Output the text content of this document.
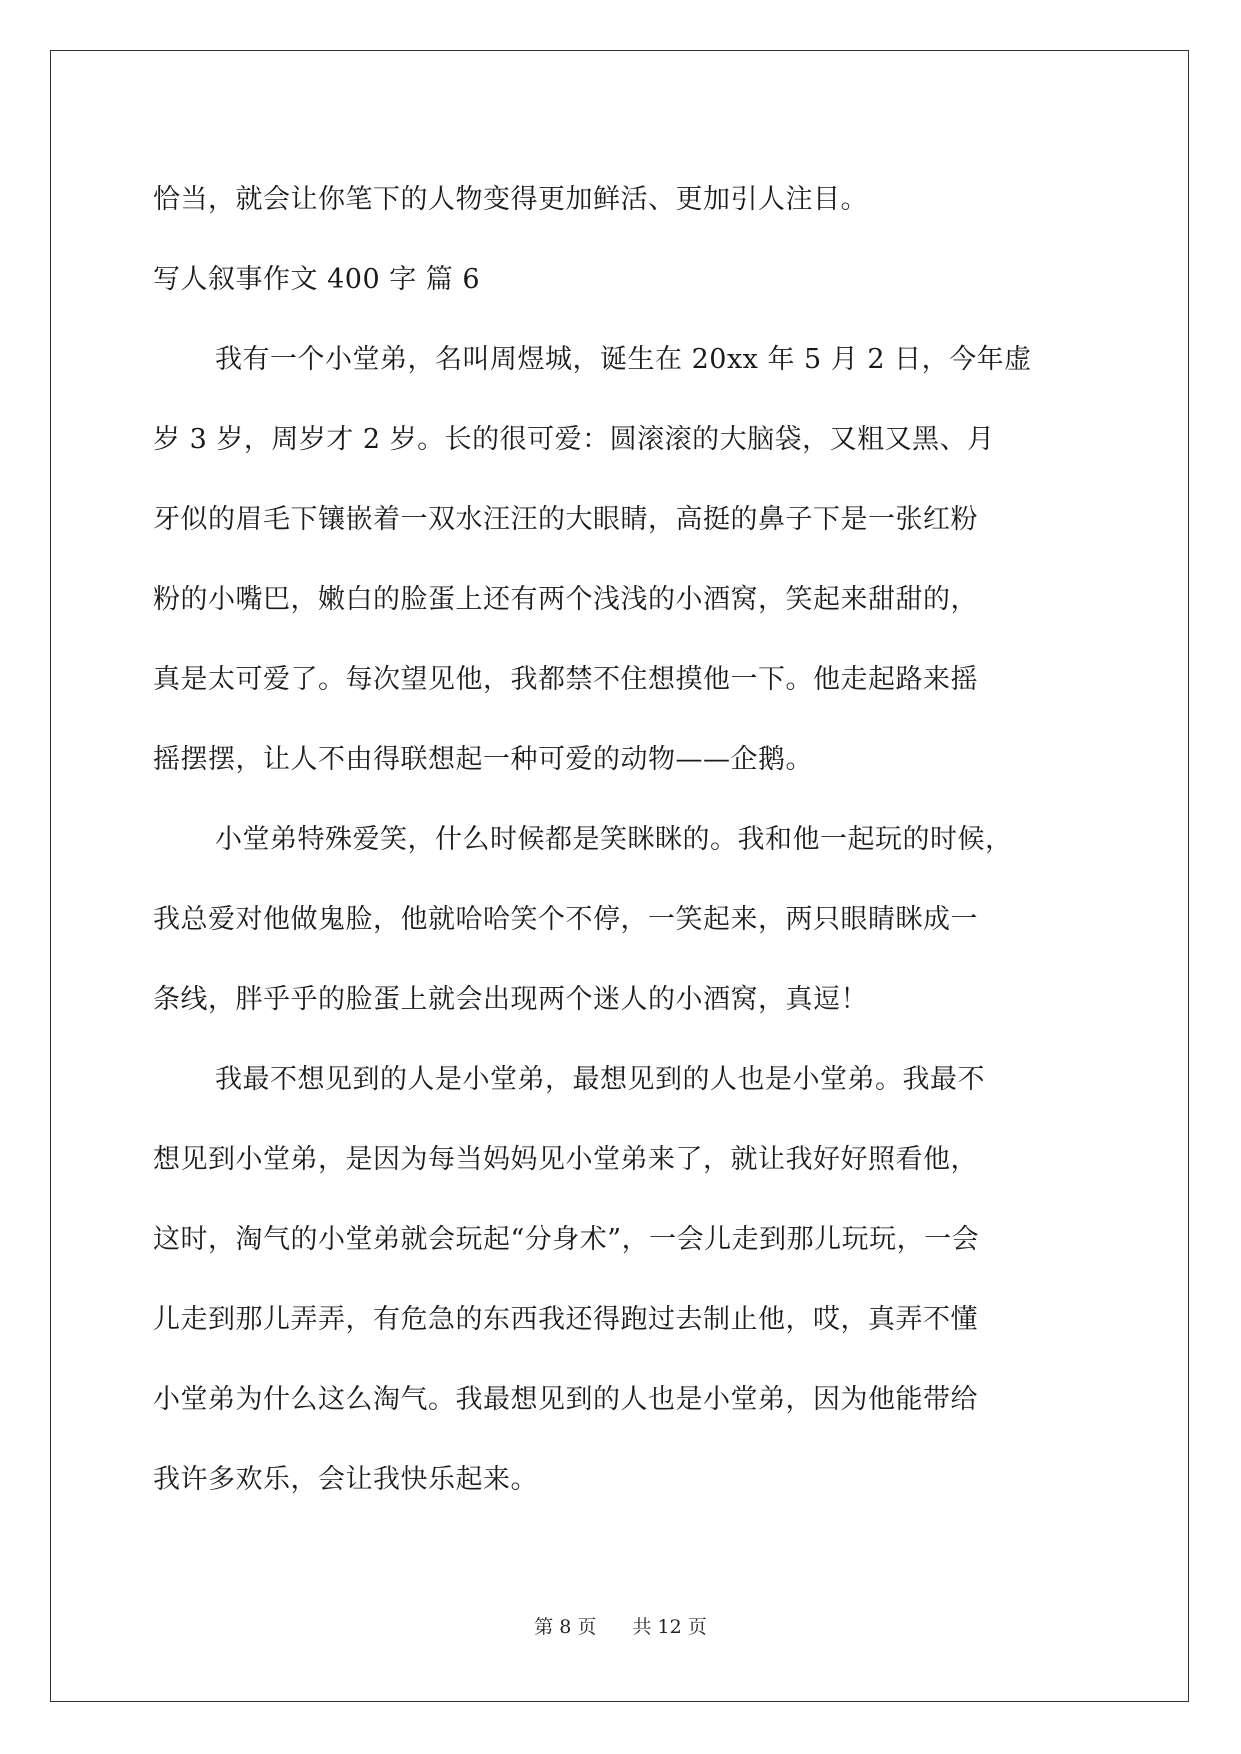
恰当，就会让你笔下的人物变得更加鲜活、更加引人注目。

写人叙事作文 400 字 篇 6

我有一个小堂弟，名叫周煜城，诞生在 20xx 年 5 月 2 日，今年虚

岁 3 岁，周岁才 2 岁。长的很可爱：圆滚滚的大脑袋，又粗又黑、月

牙似的眉毛下镶嵌着一双水汪汪的大眼睛，高挺的鼻子下是一张红粉

粉的小嘴巴，嫩白的脸蛋上还有两个浅浅的小酒窝，笑起来甜甜的，

真是太可爱了。每次望见他，我都禁不住想摸他一下。他走起路来摇

摇摆摆，让人不由得联想起一种可爱的动物——企鹅。

小堂弟特殊爱笑，什么时候都是笑眯眯的。我和他一起玩的时候，

我总爱对他做鬼脸，他就哈哈笑个不停，一笑起来，两只眼睛眯成一

条线，胖乎乎的脸蛋上就会出现两个迷人的小酒窝，真逗！

我最不想见到的人是小堂弟，最想见到的人也是小堂弟。我最不

想见到小堂弟，是因为每当妈妈见小堂弟来了，就让我好好照看他，

这时，淘气的小堂弟就会玩起“分身术”，一会儿走到那儿玩玩，一会

儿走到那儿弄弄，有危急的东西我还得跑过去制止他，哎，真弄不懂

小堂弟为什么这么淘气。我最想见到的人也是小堂弟，因为他能带给

我许多欢乐，会让我快乐起来。

第 8 页 共 12 页
